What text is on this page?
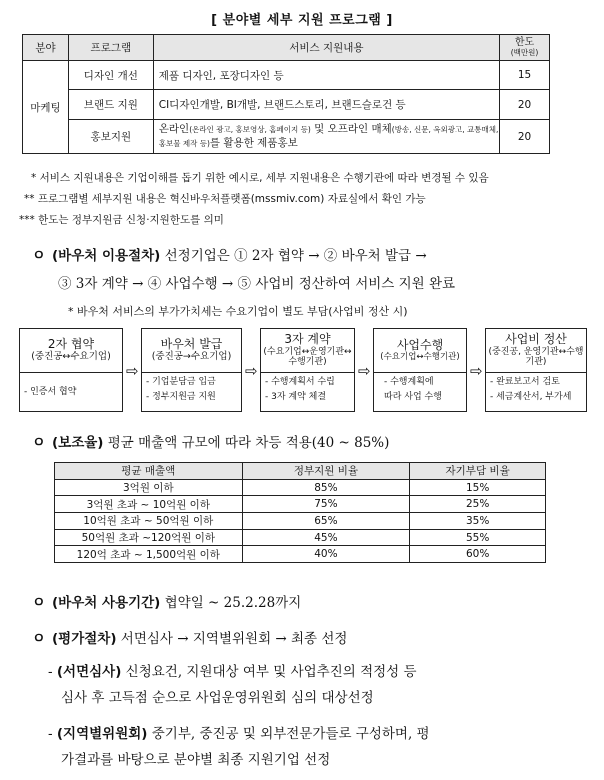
[ 분야별 세부 지원 프로그램 ]
분야	프로그램	서비스 지원내용	한도
(백만원)

마케팅	디자인 개선	제품 디자인, 포장디자인 등	15
	브랜드 지원	CI디자인개발, BI개발, 브랜드스토리, 브랜드슬로건 등	20
	홍보지원	온라인(온라인 광고, 홍보영상, 홈페이지 등) 및 오프라인 매체(방송, 신문, 옥외광고, 교통매체, 홍보물 제작 등)를 활용한 제품홍보	20
* 서비스 지원내용은 기업이해를 돕기 위한 예시로, 세부 지원내용은 수행기관에 따라 변경될 수 있음
** 프로그램별 세부지원 내용은 혁신바우처플랫폼(mssmiv.com) 자료실에서 확인 가능
*** 한도는 정부지원금 신청·지원한도를 의미
ㅇ (바우처 이용절차) 선정기업은 ① 2자 협약 → ② 바우처 발급 →
③ 3자 계약 → ④ 사업수행 → ⑤ 사업비 정산하여 서비스 지원 완료
* 바우처 서비스의 부가가치세는 수요기업이 별도 부담(사업비 정산 시)
2자 협약
(중진공↔수요기업)
- 인증서 협약
⇨
바우처 발급
(중진공→수요기업)
- 기업분담금 입금
- 정부지원금 지원
⇨
3자 계약
(수요기업↔운영기관↔수행기관)
- 수행계획서 수립
- 3자 계약 체결
⇨
사업수행
(수요기업↔수행기관)
- 수행계획에
따라 사업 수행
⇨
사업비 정산
(중진공, 운영기관↔수행기관)
- 완료보고서 검토
- 세금계산서, 부가세
ㅇ (보조율) 평균 매출액 규모에 따라 차등 적용(40 ~ 85%)
평균 매출액	정부지원 비율	자기부담 비율
3억원 이하	85%	15%
3억원 초과 ~ 10억원 이하	75%	25%
10억원 초과 ~ 50억원 이하	65%	35%
50억원 초과 ~120억원 이하	45%	55%
120억 초과 ~ 1,500억원 이하	40%	60%
ㅇ (바우처 사용기간) 협약일 ~ 25.2.28까지
ㅇ (평가절차) 서면심사 → 지역별위원회 → 최종 선정
- (서면심사) 신청요건, 지원대상 여부 및 사업추진의 적정성 등
심사 후 고득점 순으로 사업운영위원회 심의 대상선정
- (지역별위원회) 중기부, 중진공 및 외부전문가들로 구성하며, 평
가결과를 바탕으로 분야별 최종 지원기업 선정
